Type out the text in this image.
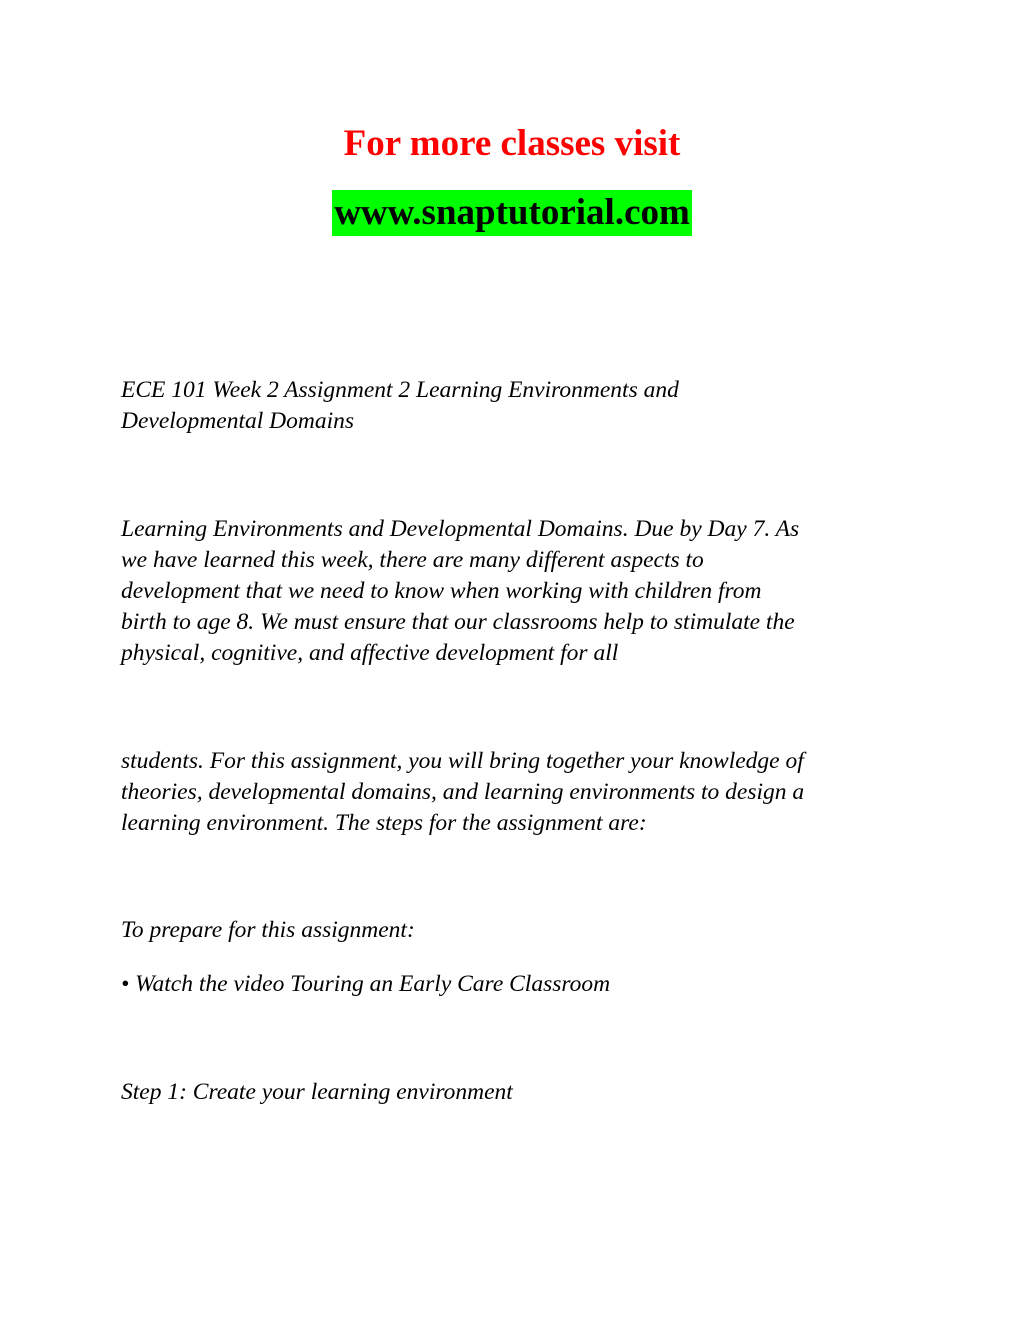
For more classes visit
www.snaptutorial.com

ECE 101 Week 2 Assignment 2 Learning Environments and
Developmental Domains

Learning Environments and Developmental Domains. Due by Day 7. As
we have learned this week, there are many different aspects to
development that we need to know when working with children from
birth to age 8. We must ensure that our classrooms help to stimulate the
physical, cognitive, and affective development for all

students. For this assignment, you will bring together your knowledge of
theories, developmental domains, and learning environments to design a
learning environment. The steps for the assignment are:

To prepare for this assignment:

• Watch the video Touring an Early Care Classroom

Step 1: Create your learning environment
